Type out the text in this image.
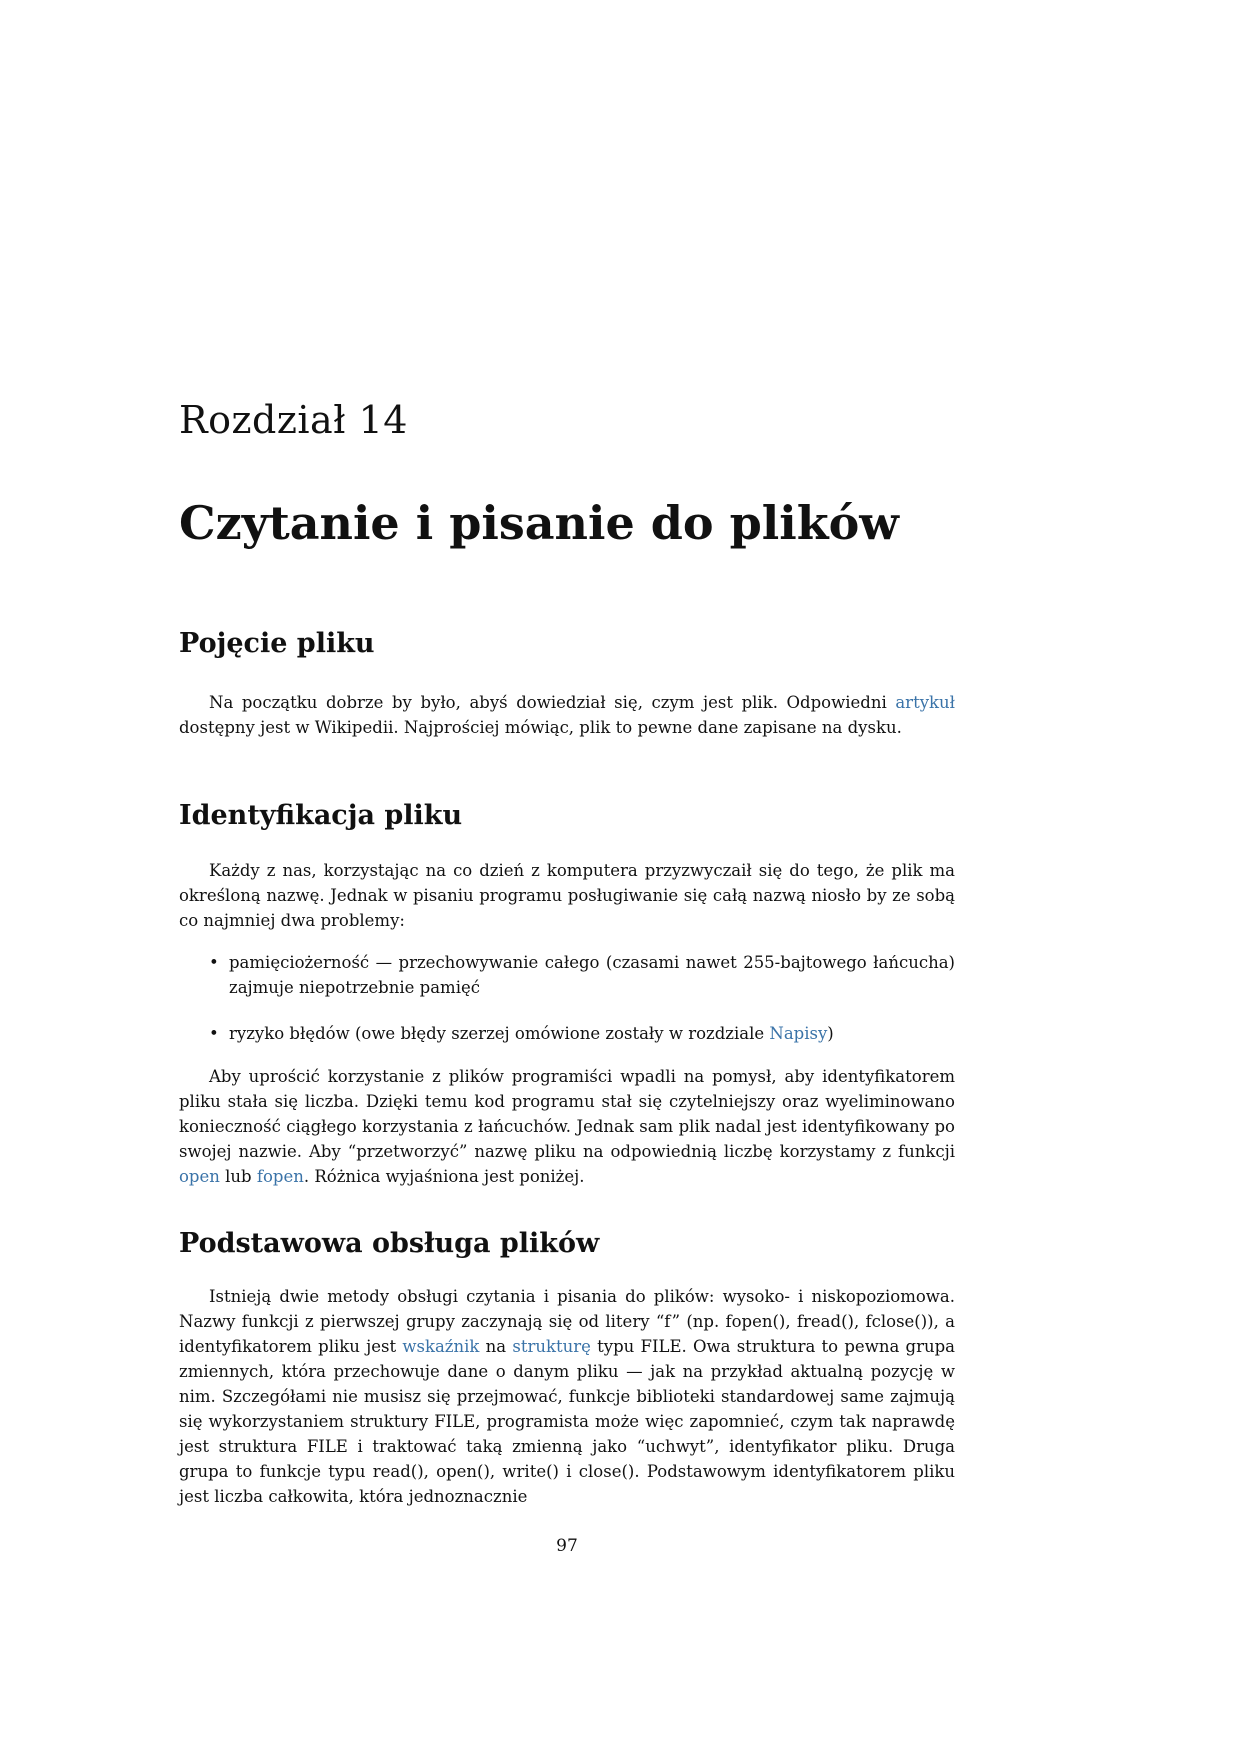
Rozdział 14
Czytanie i pisanie do plików
Pojęcie pliku

Na początku dobrze by było, abyś dowiedział się, czym jest plik. Odpowiedni artykuł dostępny jest w Wikipedii. Najprościej mówiąc, plik to pewne dane zapisane na dysku.

Identyfikacja pliku

Każdy z nas, korzystając na co dzień z komputera przyzwyczaił się do tego, że plik ma określoną nazwę. Jednak w pisaniu programu posługiwanie się całą nazwą niosło by ze sobą co najmniej dwa problemy:

• pamięciożerność — przechowywanie całego (czasami nawet 255-bajtowego łańcucha) zajmuje niepotrzebnie pamięć
• ryzyko błędów (owe błędy szerzej omówione zostały w rozdziale Napisy)

Aby uprościć korzystanie z plików programiści wpadli na pomysł, aby identyfikatorem pliku stała się liczba. Dzięki temu kod programu stał się czytelniejszy oraz wyeliminowano konieczność ciągłego korzystania z łańcuchów. Jednak sam plik nadal jest identyfikowany po swojej nazwie. Aby “przetworzyć” nazwę pliku na odpowiednią liczbę korzystamy z funkcji open lub fopen. Różnica wyjaśniona jest poniżej.

Podstawowa obsługa plików

Istnieją dwie metody obsługi czytania i pisania do plików: wysoko- i niskopoziomowa. Nazwy funkcji z pierwszej grupy zaczynają się od litery “f” (np. fopen(), fread(), fclose()), a identyfikatorem pliku jest wskaźnik na strukturę typu FILE. Owa struktura to pewna grupa zmiennych, która przechowuje dane o danym pliku — jak na przykład aktualną pozycję w nim. Szczegółami nie musisz się przejmować, funkcje biblioteki standardowej same zajmują się wykorzystaniem struktury FILE, programista może więc zapomnieć, czym tak naprawdę jest struktura FILE i traktować taką zmienną jako “uchwyt”, identyfikator pliku. Druga grupa to funkcje typu read(), open(), write() i close(). Podstawowym identyfikatorem pliku jest liczba całkowita, która jednoznacznie

97
